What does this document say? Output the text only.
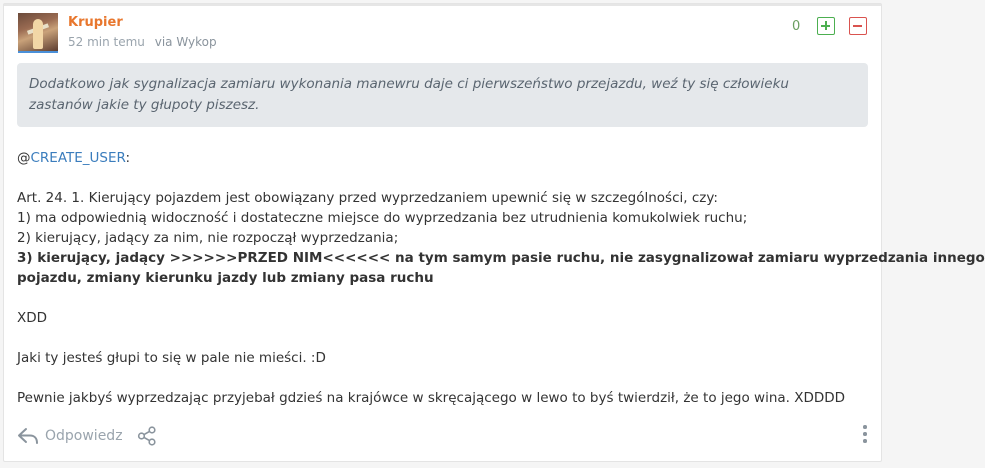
Krupier
52 min temu via Wykop
0
Dodatkowo jak sygnalizacja zamiaru wykonania manewru daje ci pierwszeństwo przejazdu, weź ty się człowieku zastanów jakie ty głupoty piszesz.

@CREATE_USER:

Art. 24. 1. Kierujący pojazdem jest obowiązany przed wyprzedzaniem upewnić się w szczególności, czy:

1) ma odpowiednią widoczność i dostateczne miejsce do wyprzedzania bez utrudnienia komukolwiek ruchu;

2) kierujący, jadący za nim, nie rozpoczął wyprzedzania;

3) kierujący, jadący >>>>>>PRZED NIM<<<<<< na tym samym pasie ruchu, nie zasygnalizował zamiaru wyprzedzania innego

pojazdu, zmiany kierunku jazdy lub zmiany pasa ruchu

XDD

Jaki ty jesteś głupi to się w pale nie mieści. :D

Pewnie jakbyś wyprzedzając przyjebał gdzieś na krajówce w skręcającego w lewo to byś twierdził, że to jego wina. XDDDD

Odpowiedz
